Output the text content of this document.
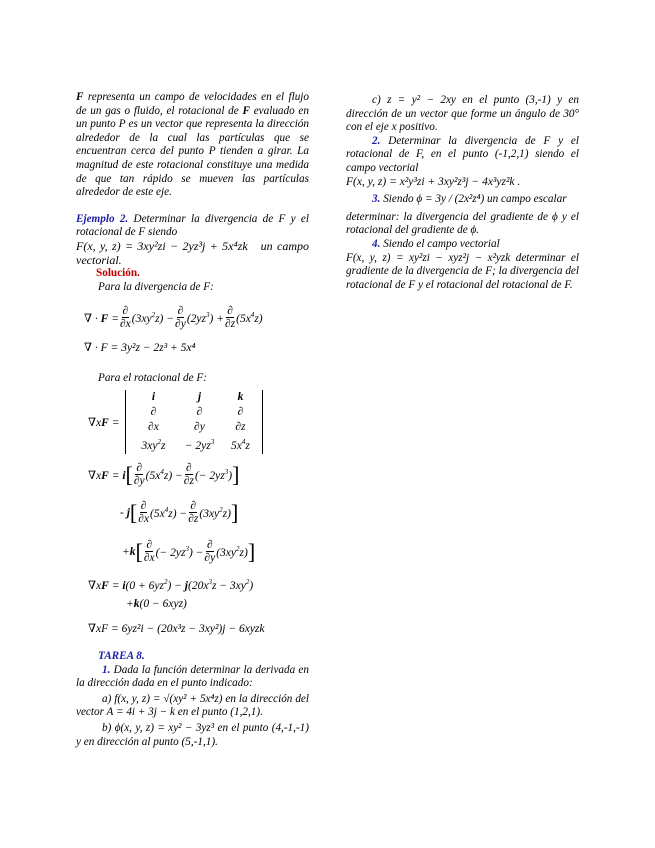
F representa un campo de velocidades en el flujo de un gas o fluido, el rotacional de F evaluado en un punto P es un vector que representa la dirección alrededor de la cual las partículas que se encuentran cerca del punto P tienden a girar. La magnitud de este rotacional constituye una medida de que tan rápido se mueven las partículas alrededor de este eje.

Ejemplo 2. Determinar la divergencia de F y el rotacional de F siendo

F(x, y, z) = 3xy²zi − 2yz³j + 5x⁴zk un campo vectorial.

Solución.

Para la divergencia de F:

∇ · $F = \frac{\partial}{\partial x} (3xy^2z) - \frac{\partial}{\partial y} (2yz^3) + \frac{\partial}{\partial z} (5x^4z)$
∇ · F = 3y²z − 2z³ + 5x⁴
Para el rotacional de F:
∇xF =
i	j	k
∂	∂	∂
∂x	∂y	∂z
$3xy^2z$	− $2yz^3$	$5x^4z$
∇xF = i [ $\frac{\partial}{\partial y} (5x^4z) - \frac{\partial}{\partial z}$ (− $2yz^3$) ]
- j [ $\frac{\partial}{\partial x} (5x^4z) - \frac{\partial}{\partial z} (3xy^2z)$ ]
+k [ $\frac{\partial}{\partial x}$ (− $2yz^3) - \frac{\partial}{\partial y} (3xy^2z)$ ]
$\nabla xF = i(0 + 6yz^2) - j(20x^3z - 3xy^2)$
+k(0 − 6xyz)
∇xF = 6yz²i − (20x³z − 3xy²)j − 6xyzk

TAREA 8.

1. Dada la función determinar la derivada en la dirección dada en el punto indicado:

a) f(x, y, z) = √(xy² + 5x⁴z) en la dirección del vector A = 4i + 3j − k en el punto (1,2,1).

b) ϕ(x, y, z) = xy² − 3yz³ en el punto (4,-1,-1) y en dirección al punto (5,-1,1).

c) z = y² − 2xy en el punto (3,-1) y en dirección de un vector que forme un ángulo de 30° con el eje x positivo.

2. Determinar la divergencia de F y el rotacional de F, en el punto (-1,2,1) siendo el campo vectorial

F(x, y, z) = x²y³zi + 3xy²z³j − 4x³yz²k .

3. Siendo ϕ = 3y / (2x²z⁴) un campo escalar

determinar: la divergencia del gradiente de ϕ y el rotacional del gradiente de ϕ.

4. Siendo el campo vectorial

F(x, y, z) = xy²zi − xyz²j − x²yzk determinar el gradiente de la divergencia de F; la divergencia del rotacional de F y el rotacional del rotacional de F.
